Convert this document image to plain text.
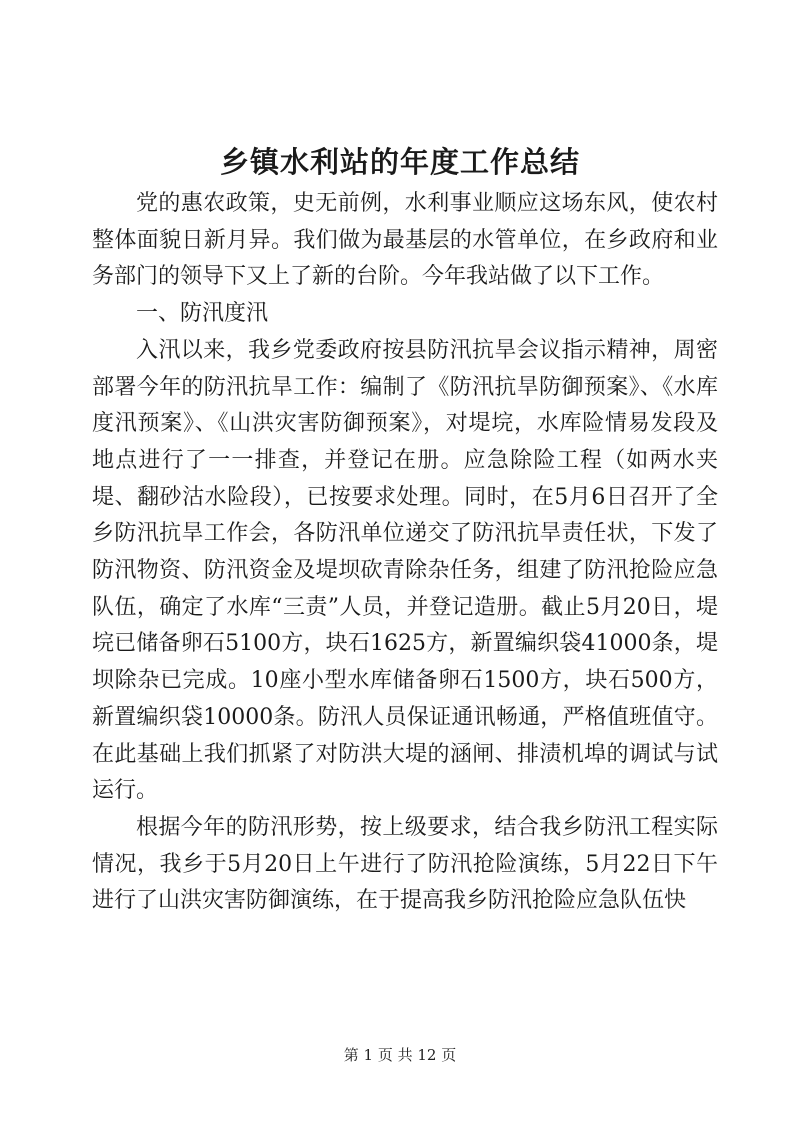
乡镇水利站的年度工作总结

党的惠农政策，史无前例，水利事业顺应这场东风，使农村整体面貌日新月异。我们做为最基层的水管单位，在乡政府和业务部门的领导下又上了新的台阶。今年我站做了以下工作。

一、防汛度汛

入汛以来，我乡党委政府按县防汛抗旱会议指示精神，周密部署今年的防汛抗旱工作：编制了《防汛抗旱防御预案》、《水库度汛预案》、《山洪灾害防御预案》，对堤垸，水库险情易发段及地点进行了一一排查，并登记在册。应急除险工程（如两水夹堤、翻砂沽水险段），已按要求处理。同时，在5月6日召开了全乡防汛抗旱工作会，各防汛单位递交了防汛抗旱责任状，下发了防汛物资、防汛资金及堤坝砍青除杂任务，组建了防汛抢险应急队伍，确定了水库“三责”人员，并登记造册。截止5月20日，堤垸已储备卵石5100方，块石1625方，新置编织袋41000条，堤坝除杂已完成。10座小型水库储备卵石1500方，块石500方，新置编织袋10000条。防汛人员保证通讯畅通，严格值班值守。在此基础上我们抓紧了对防洪大堤的涵闸、排渍机埠的调试与试运行。

根据今年的防汛形势，按上级要求，结合我乡防汛工程实际情况，我乡于5月20日上午进行了防汛抢险演练，5月22日下午进行了山洪灾害防御演练，在于提高我乡防汛抢险应急队伍快

第 1 页 共 12 页
